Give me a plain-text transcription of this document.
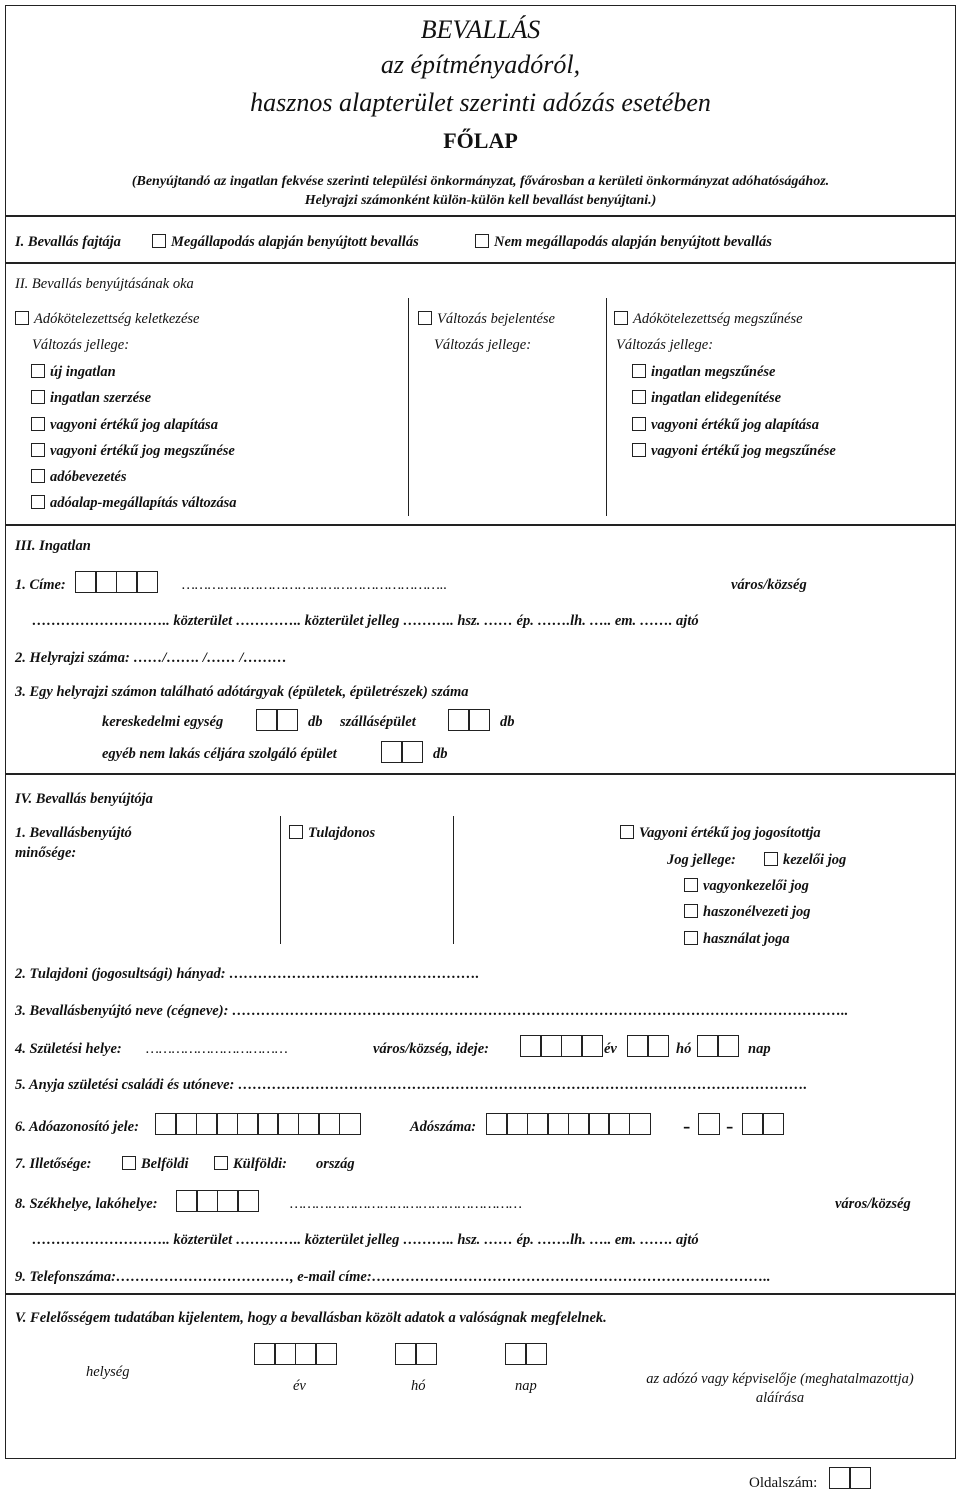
BEVALLÁS
az építményadóról,
hasznos alapterület szerinti adózás esetében
FŐLAP
(Benyújtandó az ingatlan fekvése szerinti települési önkormányzat, fővárosban a kerületi önkormányzat adóhatóságához.
Helyrajzi számonként külön-külön kell bevallást benyújtani.)
I. Bevallás fajtája	Megállapodás alapján benyújtott bevallás	Nem megállapodás alapján benyújtott bevallás
II. Bevallás benyújtásának oka
Adókötelezettség keletkezése
Változás jellege:
új ingatlan
ingatlan szerzése
vagyoni értékű jog alapítása
vagyoni értékű jog megszűnése
adóbevezetés
adóalap-megállapítás változása
Változás bejelentése
Változás jellege:
Adókötelezettség megszűnése
Változás jellege:
ingatlan megszűnése
ingatlan elidegenítése
vagyoni értékű jog alapítása
vagyoni értékű jog megszűnése
III. Ingatlan
1. Címe:	……………………………………………………..	város/község
……………………….. közterület ………….. közterület jelleg ……….. hsz. …… ép. …….lh. ….. em. ……. ajtó
2. Helyrajzi száma: ……/……. /…… /………
3. Egy helyrajzi számon található adótárgyak (épületek, épületrészek) száma
kereskedelmi egység	db szállásépület	db
egyéb nem lakás céljára szolgáló épület	db
IV. Bevallás benyújtója
1. Bevallásbenyújtó
minősége:
Tulajdonos	Vagyoni értékű jog jogosítottja
Jog jellege:	kezelői jog
vagyonkezelői jog
haszonélvezeti jog
használat joga
2. Tulajdoni (jogosultsági) hányad: …………………………………………….
3. Bevallásbenyújtó neve (cégneve): ………………………………………………………………………………………………………………..
4. Születési helye: ……………………………	város/község, ideje:	év	hó	nap
5. Anyja születési családi és utóneve: ……………………………………………………………………………………………………….
6. Adóazonosító jele:	Adószáma:	- -
7. Illetősége:	Belföldi	Külföldi: ország
8. Székhelye, lakóhelye:	………………………………………………	város/község
……………………….. közterület ………….. közterület jelleg ……….. hsz. …… ép. …….lh. ….. em. ……. ajtó
9. Telefonszáma:………………………………, e-mail címe:………………………………………………………………………..
V. Felelősségem tudatában kijelentem, hogy a bevallásban közölt adatok a valóságnak megfelelnek.
helység
év	hó	nap	az adózó vagy képviselője (meghatalmazottja)
aláírása
Oldalszám:
